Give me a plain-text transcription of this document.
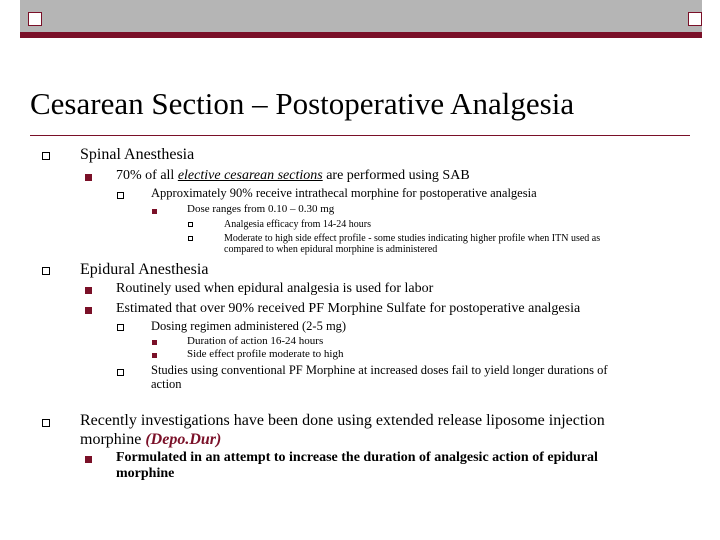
Cesarean Section – Postoperative Analgesia
Spinal Anesthesia
70% of all elective cesarean sections are performed using SAB
Approximately 90% receive intrathecal morphine for postoperative analgesia
Dose ranges from 0.10 – 0.30 mg
Analgesia efficacy from 14-24 hours
Moderate to high side effect profile - some studies indicating higher profile when ITN used as
compared to when epidural morphine is administered
Epidural Anesthesia
Routinely used when epidural analgesia is used for labor
Estimated that over 90% received PF Morphine Sulfate for postoperative analgesia
Dosing regimen administered (2-5 mg)
Duration of action 16-24 hours
Side effect profile moderate to high
Studies using conventional PF Morphine at increased doses fail to yield longer durations of
action
Recently investigations have been done using extended release liposome injection
morphine (Depo.Dur)
Formulated in an attempt to increase the duration of analgesic action of epidural
morphine
